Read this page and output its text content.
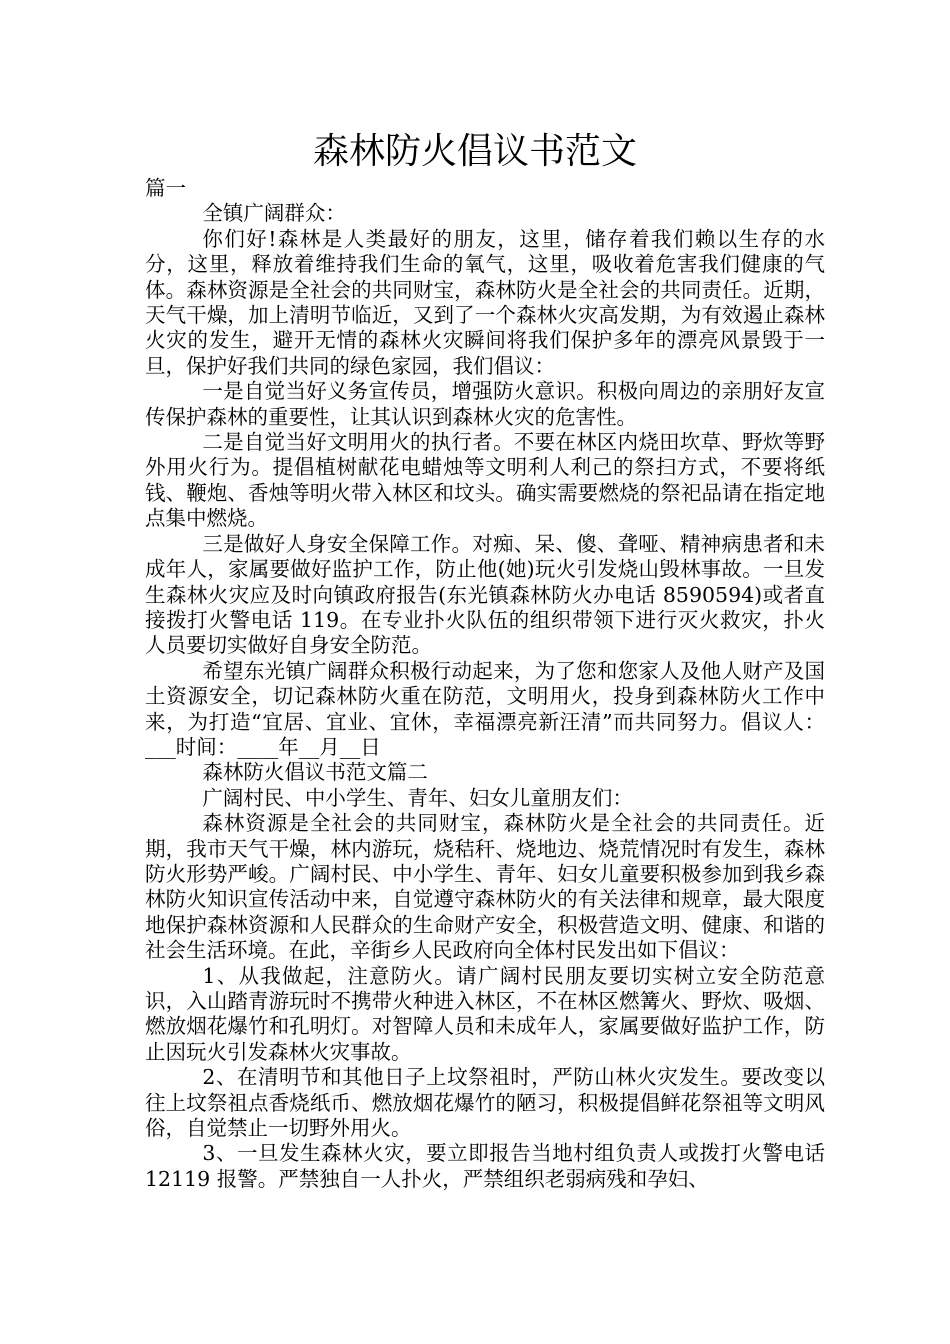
森林防火倡议书范文

篇一

全镇广阔群众：

你们好!森林是人类最好的朋友，这里，储存着我们赖以生存的水分，这里，释放着维持我们生命的氧气，这里，吸收着危害我们健康的气体。森林资源是全社会的共同财宝，森林防火是全社会的共同责任。近期，天气干燥，加上清明节临近，又到了一个森林火灾高发期，为有效遏止森林火灾的发生，避开无情的森林火灾瞬间将我们保护多年的漂亮风景毁于一旦，保护好我们共同的绿色家园，我们倡议：

一是自觉当好义务宣传员，增强防火意识。积极向周边的亲朋好友宣传保护森林的重要性，让其认识到森林火灾的危害性。

二是自觉当好文明用火的执行者。不要在林区内烧田坎草、野炊等野外用火行为。提倡植树献花电蜡烛等文明利人利己的祭扫方式，不要将纸钱、鞭炮、香烛等明火带入林区和坟头。确实需要燃烧的祭祀品请在指定地点集中燃烧。

三是做好人身安全保障工作。对痴、呆、傻、聋哑、精神病患者和未成年人，家属要做好监护工作，防止他(她)玩火引发烧山毁林事故。一旦发生森林火灾应及时向镇政府报告(东光镇森林防火办电话 8590594)或者直接拨打火警电话 119。在专业扑火队伍的组织带领下进行灭火救灾，扑火人员要切实做好自身安全防范。

希望东光镇广阔群众积极行动起来，为了您和您家人及他人财产及国土资源安全，切记森林防火重在防范，文明用火，投身到森林防火工作中来，为打造“宜居、宜业、宜休，幸福漂亮新汪清”而共同努力。倡议人：___时间：____年__月__日

森林防火倡议书范文篇二

广阔村民、中小学生、青年、妇女儿童朋友们：

森林资源是全社会的共同财宝，森林防火是全社会的共同责任。近期，我市天气干燥，林内游玩，烧秸秆、烧地边、烧荒情况时有发生，森林防火形势严峻。广阔村民、中小学生、青年、妇女儿童要积极参加到我乡森林防火知识宣传活动中来，自觉遵守森林防火的有关法律和规章，最大限度地保护森林资源和人民群众的生命财产安全，积极营造文明、健康、和谐的社会生活环境。在此，辛街乡人民政府向全体村民发出如下倡议：

1、从我做起，注意防火。请广阔村民朋友要切实树立安全防范意识，入山踏青游玩时不携带火种进入林区，不在林区燃篝火、野炊、吸烟、燃放烟花爆竹和孔明灯。对智障人员和未成年人，家属要做好监护工作，防止因玩火引发森林火灾事故。

2、在清明节和其他日子上坟祭祖时，严防山林火灾发生。要改变以往上坟祭祖点香烧纸币、燃放烟花爆竹的陋习，积极提倡鲜花祭祖等文明风俗，自觉禁止一切野外用火。

3、一旦发生森林火灾，要立即报告当地村组负责人或拨打火警电话 12119 报警。严禁独自一人扑火，严禁组织老弱病残和孕妇、
